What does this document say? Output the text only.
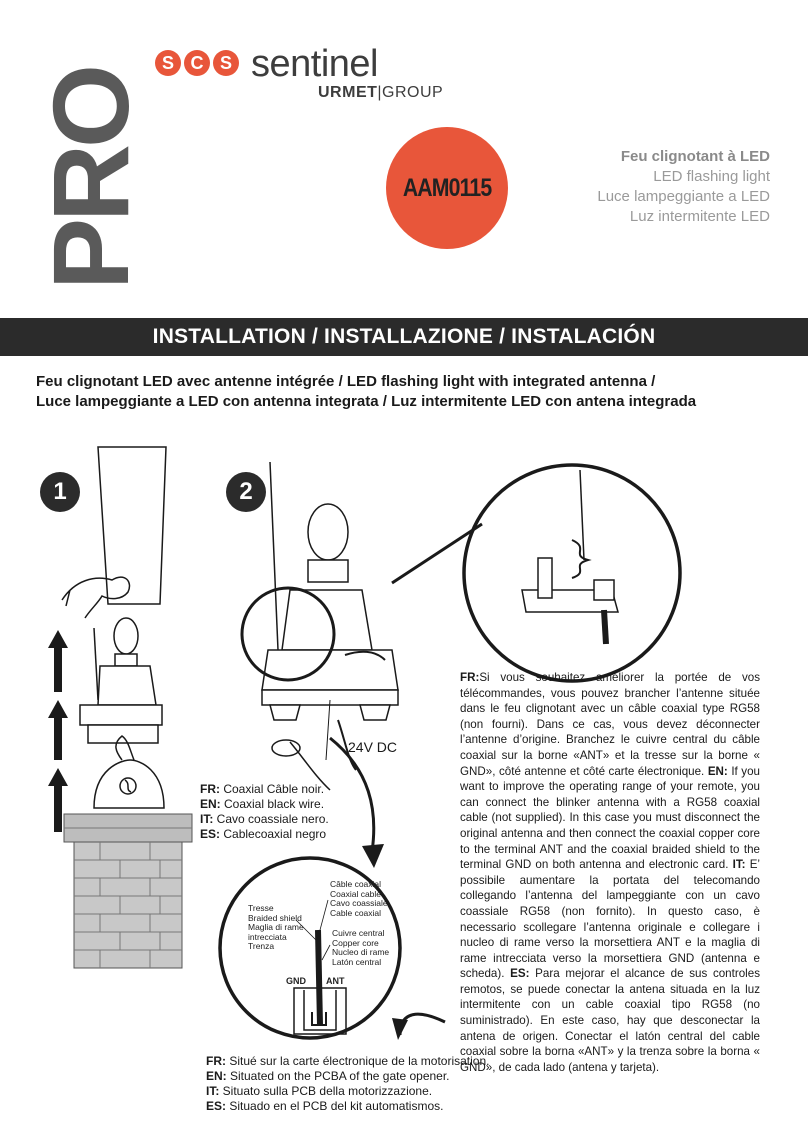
PRO
S C S sentinel
URMET|GROUP
AAM0115
Feu clignotant à LED
LED flashing light
Luce lampeggiante a LED
Luz intermitente LED
INSTALLATION / INSTALLAZIONE / INSTALACIÓN
Feu clignotant LED avec antenne intégrée / LED flashing light with integrated antenna /
Luce lampeggiante a LED con antenna integrata / Luz intermitente LED con antena integrada
1	2
24V DC
FR: Coaxial Câble noir.
EN: Coaxial black wire.
IT: Cavo coassiale nero.
ES: Cablecoaxial negro
Tresse
Braided shield
Maglia di rame
intrecciata
Trenza
Câble coaxial
Coaxial cable
Cavo coassiale
Cable coaxial
Cuivre central
Copper core
Nucleo di rame
Latón central
GND ANT
FR: Situé sur la carte électronique de la motorisation.
EN: Situated on the PCBA of the gate opener.
IT: Situato sulla PCB della motorizzazione.
ES: Situado en el PCB del kit automatismos.
FR:Si vous souhaitez améliorer la portée de vos télécommandes, vous pouvez brancher l’antenne située dans le feu clignotant avec un câble coaxial type RG58 (non fourni). Dans ce cas, vous devez déconnecter l’antenne d’origine. Branchez le cuivre central du câble coaxial sur la borne «ANT» et la tresse sur la borne « GND», côté antenne et côté carte électronique. EN: If you want to improve the operating range of your remote, you can connect the blinker antenna with a RG58 coaxial cable (not supplied). In this case you must disconnect the original antenna and then connect the coaxial copper core to the terminal ANT and the coaxial braided shield to the terminal GND on both antenna and electronic card. IT: E’ possibile aumentare la portata del telecomando collegando l’antenna del lampeggiante con un cavo coassiale RG58 (non fornito). In questo caso, è necessario scollegare l’antenna originale e collegare i nucleo di rame verso la morsettiera ANT e la maglia di rame intrecciata verso la morsettiera GND (antenna e scheda). ES: Para mejorar el alcance de sus controles remotos, se puede conectar la antena situada en la luz intermitente con un cable coaxial tipo RG58 (no suministrado). En este caso, hay que desconectar la antena de origen. Conectar el latón central del cable coaxial sobre la borna «ANT» y la trenza sobre la borna « GND», de cada lado (antena y tarjeta).
